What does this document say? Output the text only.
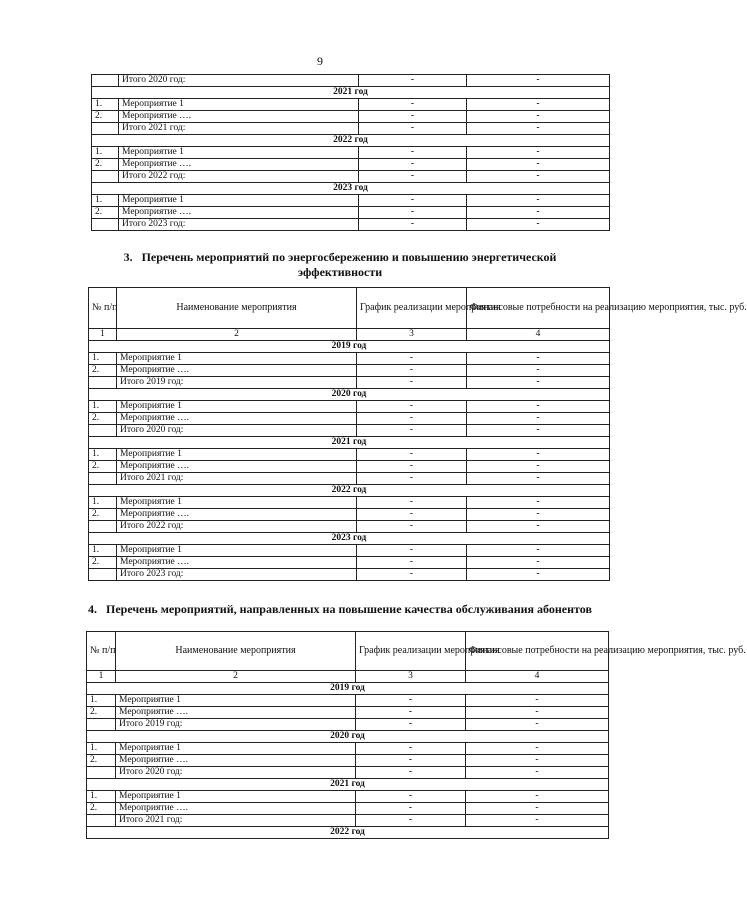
9
	Итого 2020 год:	-	-
2021 год			
1.	Мероприятие 1	-	-
2.	Мероприятие ….	-	-
	Итого 2021 год:	-	-
2022 год			
1.	Мероприятие 1	-	-
2.	Мероприятие ….	-	-
	Итого 2022 год:	-	-
2023 год			
1.	Мероприятие 1	-	-
2.	Мероприятие ….	-	-
	Итого 2023 год:	-	-
3. Перечень мероприятий по энергосбережению и повышению энергетической эффективности
№ п/п	Наименование мероприятия	График реализации мероприятия	Финансовые потребности на реализацию мероприятия, тыс. руб.
1	2	3	4
2019 год			
1.	Мероприятие 1	-	-
2.	Мероприятие ….	-	-
	Итого 2019 год:	-	-
2020 год			
1.	Мероприятие 1	-	-
2.	Мероприятие ….	-	-
	Итого 2020 год:	-	-
2021 год			
1.	Мероприятие 1	-	-
2.	Мероприятие ….	-	-
	Итого 2021 год:	-	-
2022 год			
1.	Мероприятие 1	-	-
2.	Мероприятие ….	-	-
	Итого 2022 год:	-	-
2023 год			
1.	Мероприятие 1	-	-
2.	Мероприятие ….	-	-
	Итого 2023 год:	-	-
4. Перечень мероприятий, направленных на повышение качества обслуживания абонентов
№ п/п	Наименование мероприятия	График реализации мероприятия	Финансовые потребности на реализацию мероприятия, тыс. руб.
1	2	3	4
2019 год			
1.	Мероприятие 1	-	-
2.	Мероприятие ….	-	-
	Итого 2019 год:	-	-
2020 год			
1.	Мероприятие 1	-	-
2.	Мероприятие ….	-	-
	Итого 2020 год:	-	-
2021 год			
1.	Мероприятие 1	-	-
2.	Мероприятие ….	-	-
	Итого 2021 год:	-	-
2022 год			
